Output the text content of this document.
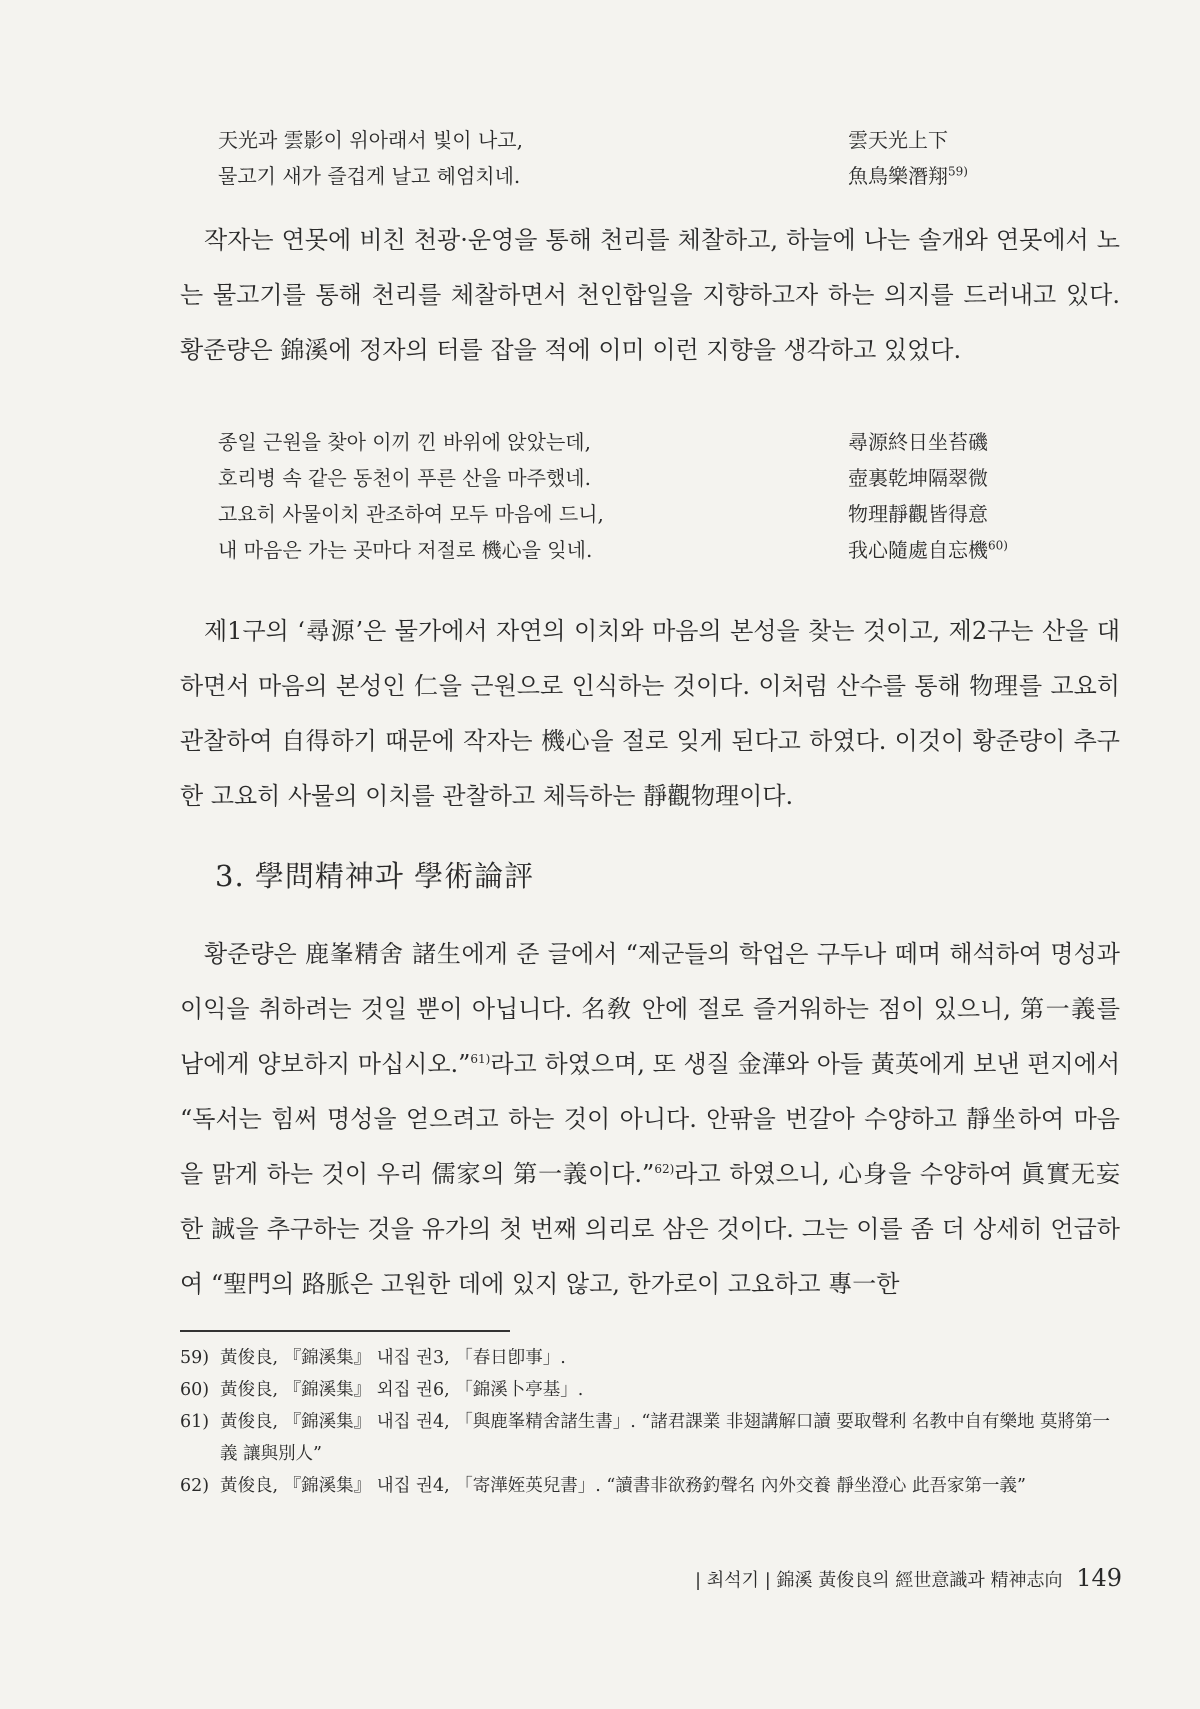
天光과 雲影이 위아래서 빛이 나고,	雲天光上下
물고기 새가 즐겁게 날고 헤엄치네.	魚鳥樂潛翔$^{59)}$

작자는 연못에 비친 천광·운영을 통해 천리를 체찰하고, 하늘에 나는 솔개와 연못에서 노는 물고기를 통해 천리를 체찰하면서 천인합일을 지향하고자 하는 의지를 드러내고 있다. 황준량은 錦溪에 정자의 터를 잡을 적에 이미 이런 지향을 생각하고 있었다.

종일 근원을 찾아 이끼 낀 바위에 앉았는데,	尋源終日坐苔磯
호리병 속 같은 동천이 푸른 산을 마주했네.	壺裏乾坤隔翠微
고요히 사물이치 관조하여 모두 마음에 드니,	物理靜觀皆得意
내 마음은 가는 곳마다 저절로 機心을 잊네.	我心隨處自忘機$^{60)}$

제1구의 ‘尋源’은 물가에서 자연의 이치와 마음의 본성을 찾는 것이고, 제2구는 산을 대하면서 마음의 본성인 仁을 근원으로 인식하는 것이다. 이처럼 산수를 통해 物理를 고요히 관찰하여 自得하기 때문에 작자는 機心을 절로 잊게 된다고 하였다. 이것이 황준량이 추구한 고요히 사물의 이치를 관찰하고 체득하는 靜觀物理이다.

3. 學問精神과 學術論評

황준량은 鹿峯精舍 諸生에게 준 글에서 “제군들의 학업은 구두나 떼며 해석하여 명성과 이익을 취하려는 것일 뿐이 아닙니다. 名敎 안에 절로 즐거워하는 점이 있으니, 第一義를 남에게 양보하지 마십시오.”$^{61)}$라고 하였으며, 또 생질 金澕와 아들 黃英에게 보낸 편지에서 “독서는 힘써 명성을 얻으려고 하는 것이 아니다. 안팎을 번갈아 수양하고 靜坐하여 마음을 맑게 하는 것이 우리 儒家의 第一義이다.”$^{62)}$라고 하였으니, 心身을 수양하여 眞實无妄한 誠을 추구하는 것을 유가의 첫 번째 의리로 삼은 것이다. 그는 이를 좀 더 상세히 언급하여 “聖門의 路脈은 고원한 데에 있지 않고, 한가로이 고요하고 專一한

59) 黃俊良, 『錦溪集』 내집 권3, 「春日卽事」.
60) 黃俊良, 『錦溪集』 외집 권6, 「錦溪卜亭基」.
61) 黃俊良, 『錦溪集』 내집 권4, 「與鹿峯精舍諸生書」. “諸君課業 非翅講解口讀 要取聲利 名教中自有樂地 莫將第一義 讓與別人”
62) 黃俊良, 『錦溪集』 내집 권4, 「寄澕姪英兒書」. “讀書非欲務釣聲名 內外交養 靜坐澄心 此吾家第一義”
| 최석기 | 錦溪 黃俊良의 經世意識과 精神志向 149
